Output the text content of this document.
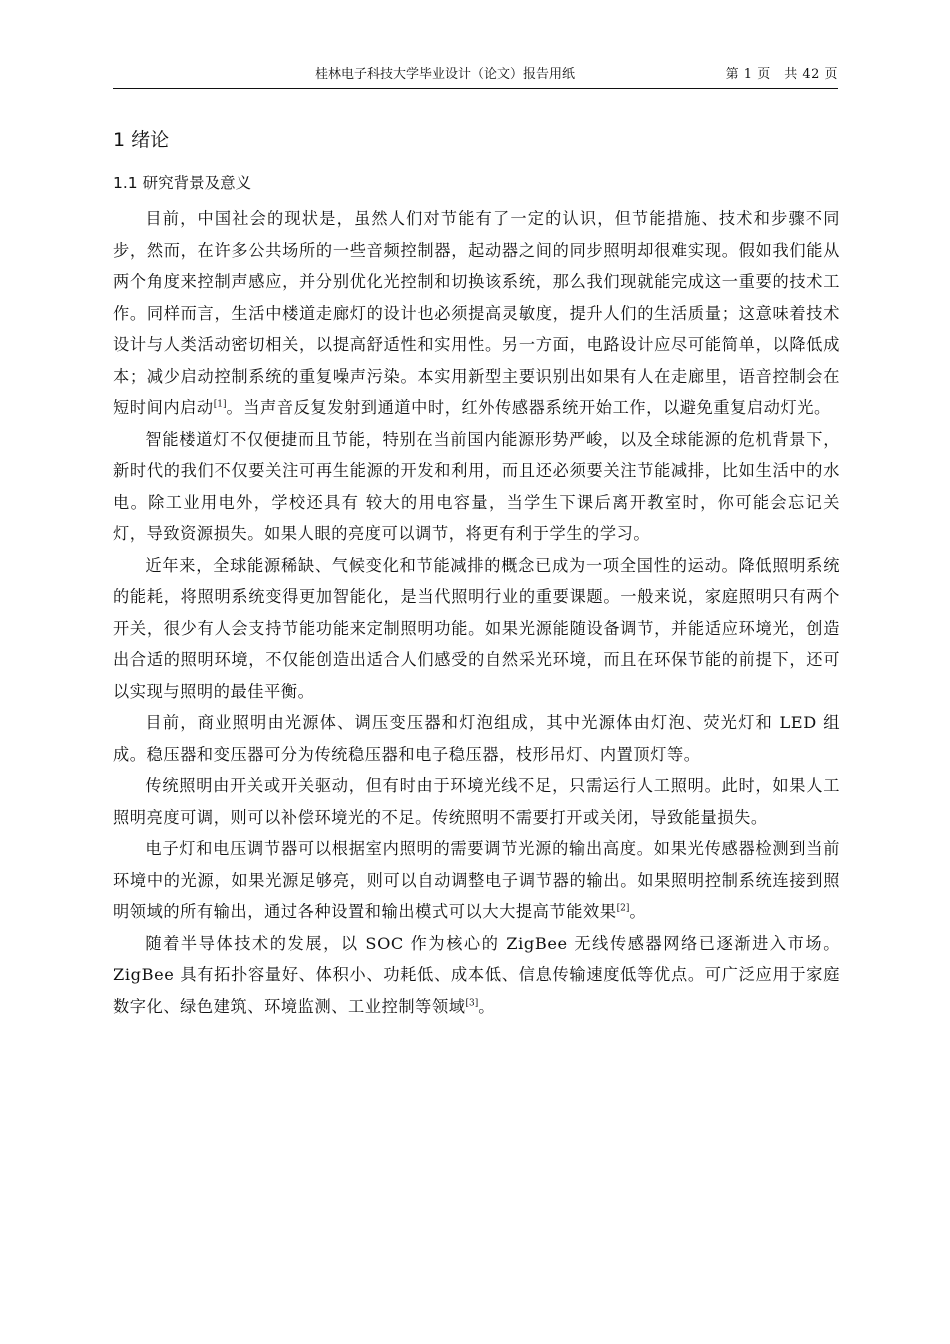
桂林电子科技大学毕业设计（论文）报告用纸	第 1 页　共 42 页
1 绪论
1.1 研究背景及意义

目前，中国社会的现状是，虽然人们对节能有了一定的认识，但节能措施、技术和步骤不同步，然而，在许多公共场所的一些音频控制器，起动器之间的同步照明却很难实现。假如我们能从两个角度来控制声感应，并分别优化光控制和切换该系统，那么我们现就能完成这一重要的技术工作。同样而言，生活中楼道走廊灯的设计也必须提高灵敏度，提升人们的生活质量；这意味着技术设计与人类活动密切相关，以提高舒适性和实用性。另一方面，电路设计应尽可能简单，以降低成本；减少启动控制系统的重复噪声污染。本实用新型主要识别出如果有人在走廊里，语音控制会在短时间内启动[1]。当声音反复发射到通道中时，红外传感器系统开始工作，以避免重复启动灯光。

智能楼道灯不仅便捷而且节能，特别在当前国内能源形势严峻，以及全球能源的危机背景下，新时代的我们不仅要关注可再生能源的开发和利用，而且还必须要关注节能减排，比如生活中的水电。除工业用电外，学校还具有 较大的用电容量，当学生下课后离开教室时，你可能会忘记关灯，导致资源损失。如果人眼的亮度可以调节，将更有利于学生的学习。

近年来，全球能源稀缺、气候变化和节能减排的概念已成为一项全国性的运动。降低照明系统的能耗，将照明系统变得更加智能化，是当代照明行业的重要课题。一般来说，家庭照明只有两个开关，很少有人会支持节能功能来定制照明功能。如果光源能随设备调节，并能适应环境光，创造出合适的照明环境，不仅能创造出适合人们感受的自然采光环境，而且在环保节能的前提下，还可以实现与照明的最佳平衡。

目前，商业照明由光源体、调压变压器和灯泡组成，其中光源体由灯泡、荧光灯和 LED 组成。稳压器和变压器可分为传统稳压器和电子稳压器，枝形吊灯、内置顶灯等。

传统照明由开关或开关驱动，但有时由于环境光线不足，只需运行人工照明。此时，如果人工照明亮度可调，则可以补偿环境光的不足。传统照明不需要打开或关闭，导致能量损失。

电子灯和电压调节器可以根据室内照明的需要调节光源的输出高度。如果光传感器检测到当前环境中的光源，如果光源足够亮，则可以自动调整电子调节器的输出。如果照明控制系统连接到照明领域的所有输出，通过各种设置和输出模式可以大大提高节能效果[2]。

随着半导体技术的发展，以 SOC 作为核心的 ZigBee 无线传感器网络已逐渐进入市场。ZigBee 具有拓扑容量好、体积小、功耗低、成本低、信息传输速度低等优点。可广泛应用于家庭数字化、绿色建筑、环境监测、工业控制等领域[3]。
